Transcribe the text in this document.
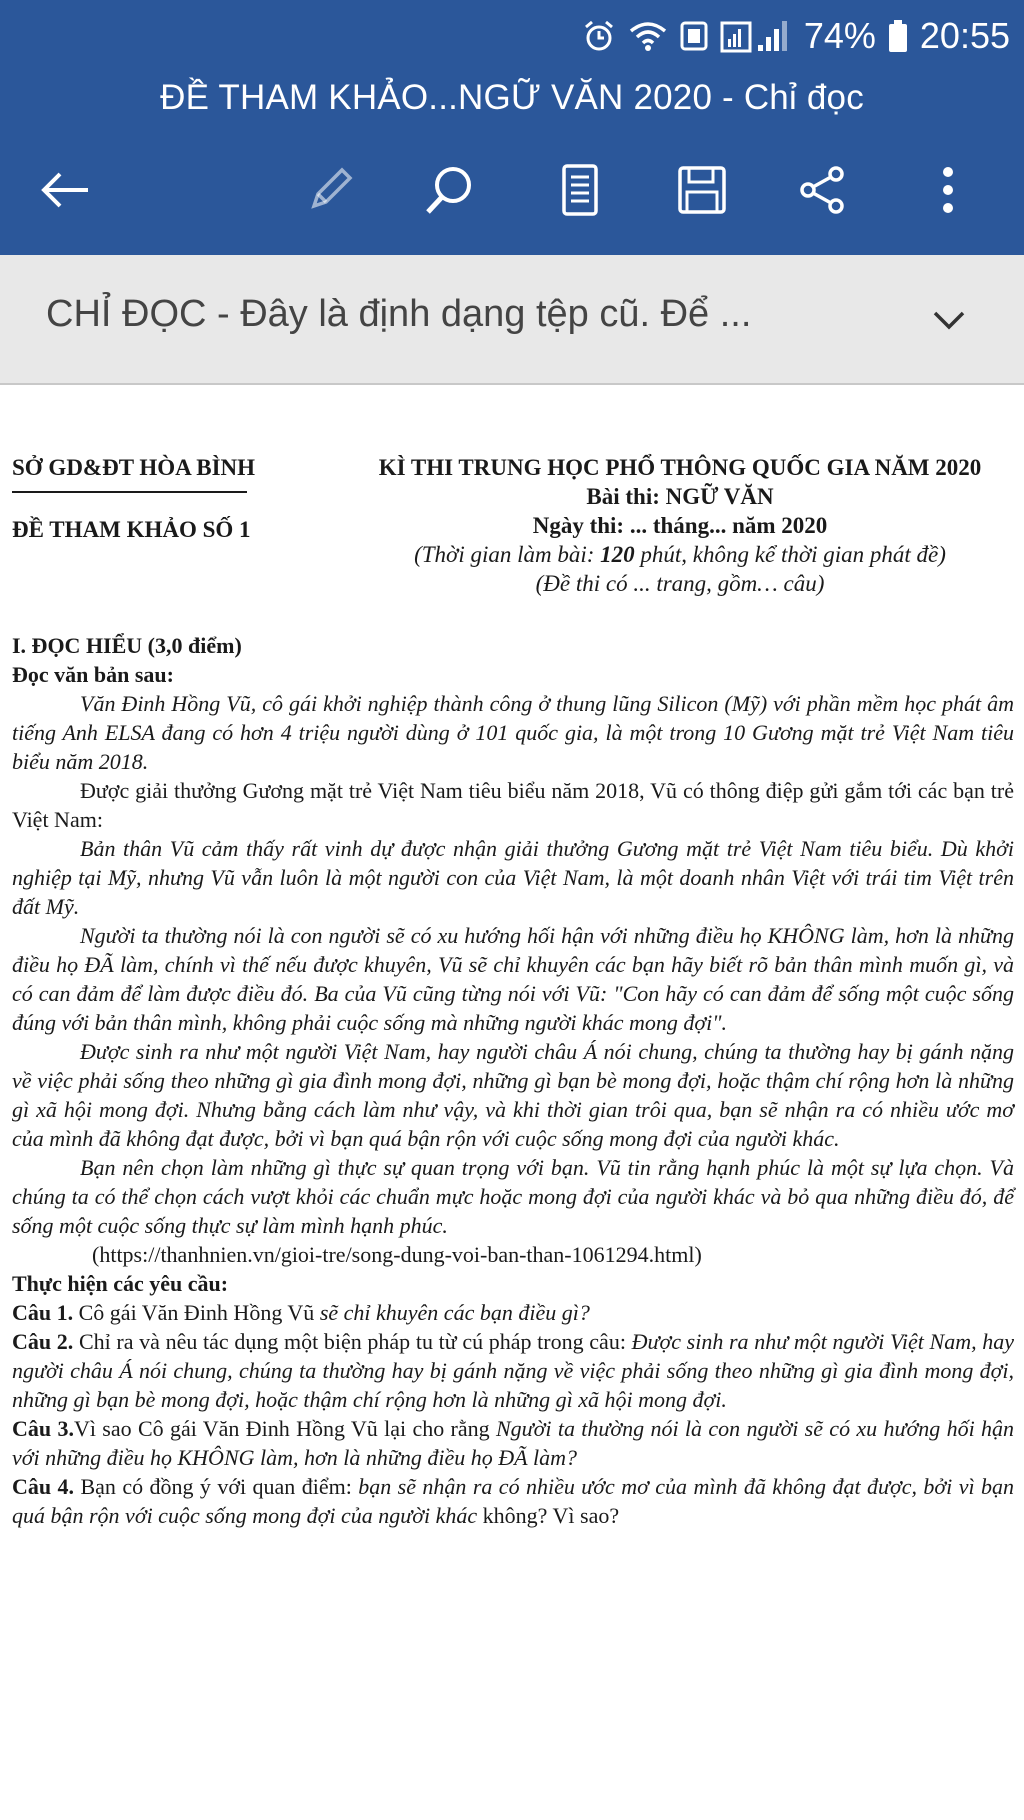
74% 20:55
ĐỀ THAM KHẢO...NGỮ VĂN 2020 - Chỉ đọc
CHỈ ĐỌC - Đây là định dạng tệp cũ. Để ...
SỞ GD&ĐT HÒA BÌNH
ĐỀ THAM KHẢO SỐ 1
KÌ THI TRUNG HỌC PHỔ THÔNG QUỐC GIA NĂM 2020
Bài thi: NGỮ VĂN
Ngày thi: ... tháng... năm 2020
(Thời gian làm bài: 120 phút, không kể thời gian phát đề)
(Đề thi có ... trang, gồm… câu)

I. ĐỌC HIỂU (3,0 điểm)

Đọc văn bản sau:

Văn Đinh Hồng Vũ, cô gái khởi nghiệp thành công ở thung lũng Silicon (Mỹ) với phần mềm học phát âm tiếng Anh ELSA đang có hơn 4 triệu người dùng ở 101 quốc gia, là một trong 10 Gương mặt trẻ Việt Nam tiêu biểu năm 2018.

Được giải thưởng Gương mặt trẻ Việt Nam tiêu biểu năm 2018, Vũ có thông điệp gửi gắm tới các bạn trẻ Việt Nam:

Bản thân Vũ cảm thấy rất vinh dự được nhận giải thưởng Gương mặt trẻ Việt Nam tiêu biểu. Dù khởi nghiệp tại Mỹ, nhưng Vũ vẫn luôn là một người con của Việt Nam, là một doanh nhân Việt với trái tim Việt trên đất Mỹ.

Người ta thường nói là con người sẽ có xu hướng hối hận với những điều họ KHÔNG làm, hơn là những điều họ ĐÃ làm, chính vì thế nếu được khuyên, Vũ sẽ chỉ khuyên các bạn hãy biết rõ bản thân mình muốn gì, và có can đảm để làm được điều đó. Ba của Vũ cũng từng nói với Vũ: "Con hãy có can đảm để sống một cuộc sống đúng với bản thân mình, không phải cuộc sống mà những người khác mong đợi".

Được sinh ra như một người Việt Nam, hay người châu Á nói chung, chúng ta thường hay bị gánh nặng về việc phải sống theo những gì gia đình mong đợi, những gì bạn bè mong đợi, hoặc thậm chí rộng hơn là những gì xã hội mong đợi. Nhưng bằng cách làm như vậy, và khi thời gian trôi qua, bạn sẽ nhận ra có nhiều ước mơ của mình đã không đạt được, bởi vì bạn quá bận rộn với cuộc sống mong đợi của người khác.

Bạn nên chọn làm những gì thực sự quan trọng với bạn. Vũ tin rằng hạnh phúc là một sự lựa chọn. Và chúng ta có thể chọn cách vượt khỏi các chuẩn mực hoặc mong đợi của người khác và bỏ qua những điều đó, để sống một cuộc sống thực sự làm mình hạnh phúc.

(https://thanhnien.vn/gioi-tre/song-dung-voi-ban-than-1061294.html)

Thực hiện các yêu cầu:

Câu 1. Cô gái Văn Đinh Hồng Vũ sẽ chỉ khuyên các bạn điều gì?

Câu 2. Chỉ ra và nêu tác dụng một biện pháp tu từ cú pháp trong câu: Được sinh ra như một người Việt Nam, hay người châu Á nói chung, chúng ta thường hay bị gánh nặng về việc phải sống theo những gì gia đình mong đợi, những gì bạn bè mong đợi, hoặc thậm chí rộng hơn là những gì xã hội mong đợi.

Câu 3.Vì sao Cô gái Văn Đinh Hồng Vũ lại cho rằng Người ta thường nói là con người sẽ có xu hướng hối hận với những điều họ KHÔNG làm, hơn là những điều họ ĐÃ làm?

Câu 4. Bạn có đồng ý với quan điểm: bạn sẽ nhận ra có nhiều ước mơ của mình đã không đạt được, bởi vì bạn quá bận rộn với cuộc sống mong đợi của người khác không? Vì sao?
